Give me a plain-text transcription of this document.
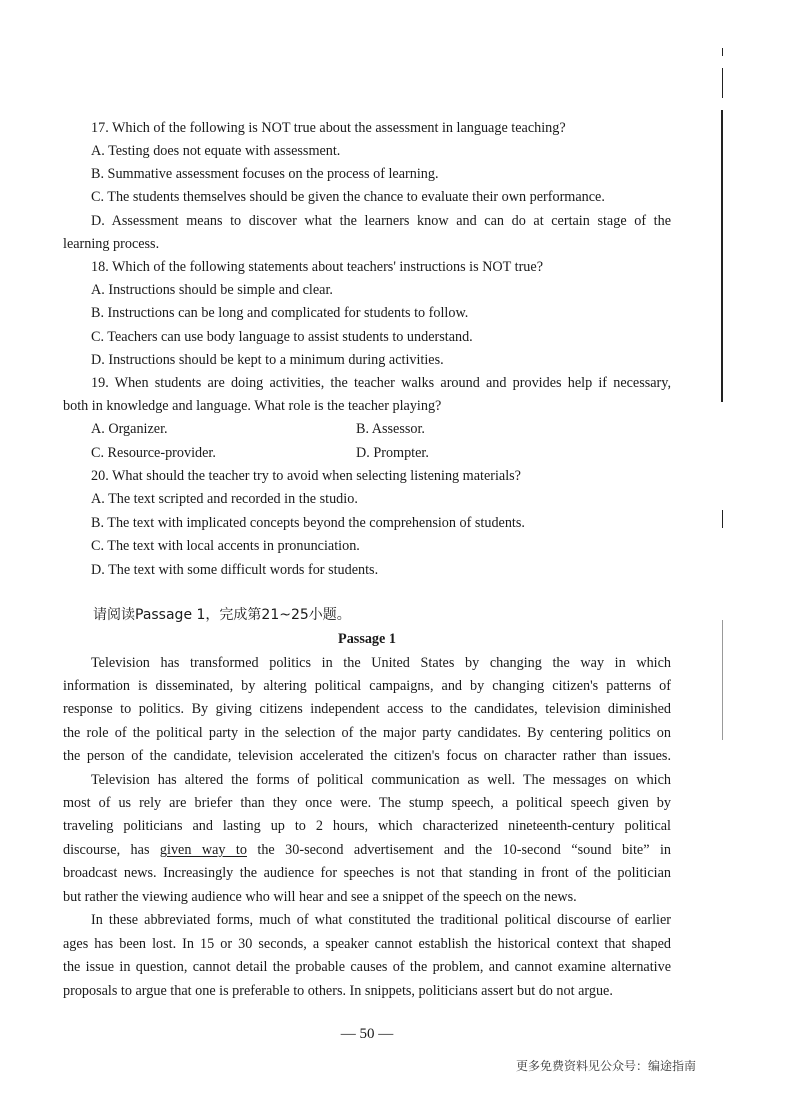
17. Which of the following is NOT true about the assessment in language teaching?
A. Testing does not equate with assessment.
B. Summative assessment focuses on the process of learning.
C. The students themselves should be given the chance to evaluate their own performance.
D. Assessment means to discover what the learners know and can do at certain stage of the
learning process.
18. Which of the following statements about teachers' instructions is NOT true?
A. Instructions should be simple and clear.
B. Instructions can be long and complicated for students to follow.
C. Teachers can use body language to assist students to understand.
D. Instructions should be kept to a minimum during activities.
19. When students are doing activities, the teacher walks around and provides help if necessary,
both in knowledge and language. What role is the teacher playing?
A. Organizer.	B. Assessor.
C. Resource-provider.	D. Prompter.
20. What should the teacher try to avoid when selecting listening materials?
A. The text scripted and recorded in the studio.
B. The text with implicated concepts beyond the comprehension of students.
C. The text with local accents in pronunciation.
D. The text with some difficult words for students.
请阅读Passage 1，完成第21~25小题。
Passage 1
Television has transformed politics in the United States by changing the way in which
information is disseminated, by altering political campaigns, and by changing citizen's patterns of
response to politics. By giving citizens independent access to the candidates, television diminished
the role of the political party in the selection of the major party candidates. By centering politics on
the person of the candidate, television accelerated the citizen's focus on character rather than issues.
Television has altered the forms of political communication as well. The messages on which
most of us rely are briefer than they once were. The stump speech, a political speech given by
traveling politicians and lasting up to 2 hours, which characterized nineteenth-century political
discourse, has given way to the 30-second advertisement and the 10-second “sound bite” in
broadcast news. Increasingly the audience for speeches is not that standing in front of the politician
but rather the viewing audience who will hear and see a snippet of the speech on the news.
In these abbreviated forms, much of what constituted the traditional political discourse of earlier
ages has been lost. In 15 or 30 seconds, a speaker cannot establish the historical context that shaped
the issue in question, cannot detail the probable causes of the problem, and cannot examine alternative
proposals to argue that one is preferable to others. In snippets, politicians assert but do not argue.
— 50 —
更多免费资料见公众号：编途指南
